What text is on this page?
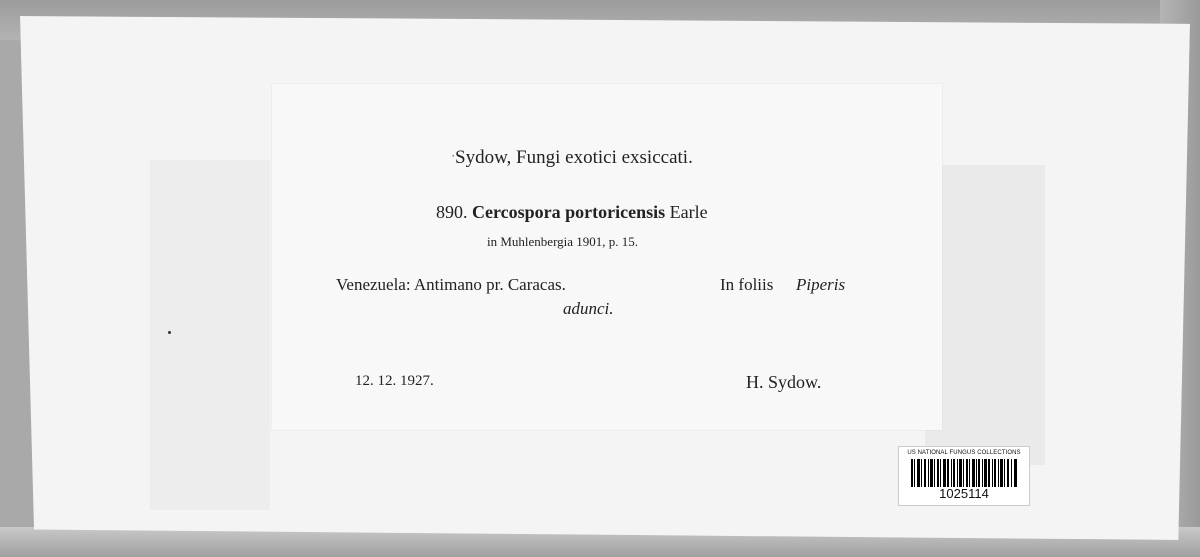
· Sydow, Fungi exotici exsiccati.
890. Cercospora portoricensis Earle
in Muhlenbergia 1901, p. 15.
Venezuela: Antimano pr. Caracas.	In foliis Piperis
adunci.
12. 12. 1927.	H. Sydow.
US NATIONAL FUNGUS COLLECTIONS
1025114
